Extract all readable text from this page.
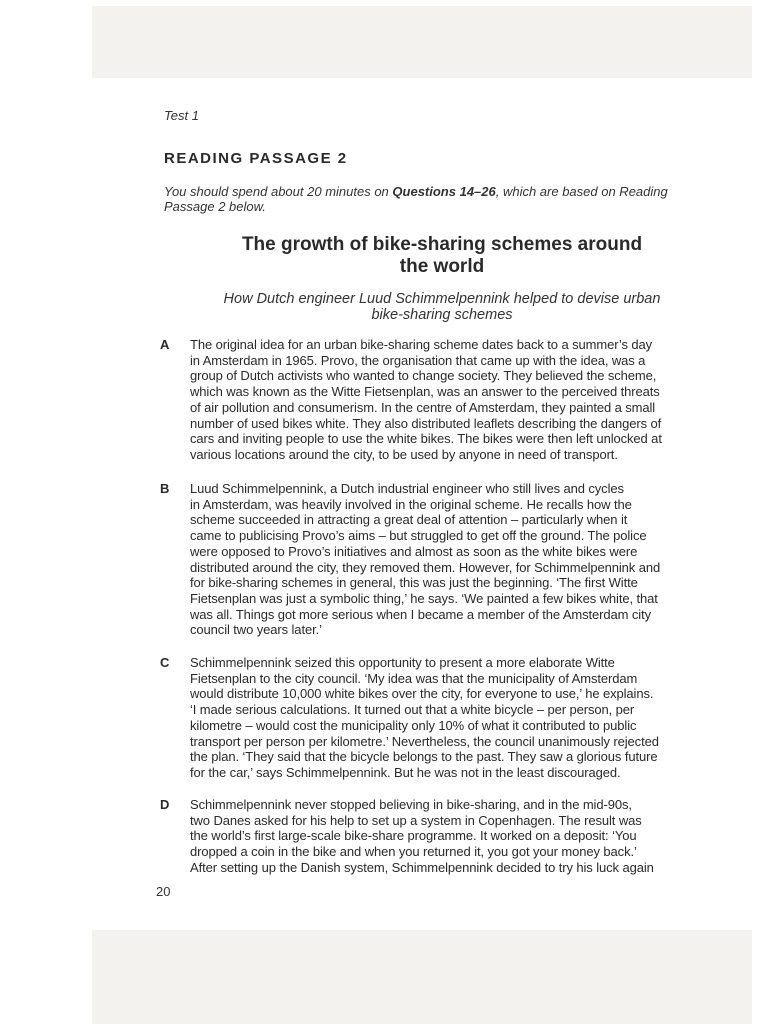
Test 1
READING PASSAGE 2
You should spend about 20 minutes on Questions 14–26, which are based on Reading
Passage 2 below.
The growth of bike-sharing schemes around
the world
How Dutch engineer Luud Schimmelpennink helped to devise urban
bike-sharing schemes
A The original idea for an urban bike-sharing scheme dates back to a summer’s day
in Amsterdam in 1965. Provo, the organisation that came up with the idea, was a
group of Dutch activists who wanted to change society. They believed the scheme,
which was known as the Witte Fietsenplan, was an answer to the perceived threats
of air pollution and consumerism. In the centre of Amsterdam, they painted a small
number of used bikes white. They also distributed leaflets describing the dangers of
cars and inviting people to use the white bikes. The bikes were then left unlocked at
various locations around the city, to be used by anyone in need of transport.
B Luud Schimmelpennink, a Dutch industrial engineer who still lives and cycles
in Amsterdam, was heavily involved in the original scheme. He recalls how the
scheme succeeded in attracting a great deal of attention – particularly when it
came to publicising Provo’s aims – but struggled to get off the ground. The police
were opposed to Provo’s initiatives and almost as soon as the white bikes were
distributed around the city, they removed them. However, for Schimmelpennink and
for bike-sharing schemes in general, this was just the beginning. ‘The first Witte
Fietsenplan was just a symbolic thing,’ he says. ‘We painted a few bikes white, that
was all. Things got more serious when I became a member of the Amsterdam city
council two years later.’
C Schimmelpennink seized this opportunity to present a more elaborate Witte
Fietsenplan to the city council. ‘My idea was that the municipality of Amsterdam
would distribute 10,000 white bikes over the city, for everyone to use,’ he explains.
‘I made serious calculations. It turned out that a white bicycle – per person, per
kilometre – would cost the municipality only 10% of what it contributed to public
transport per person per kilometre.’ Nevertheless, the council unanimously rejected
the plan. ‘They said that the bicycle belongs to the past. They saw a glorious future
for the car,’ says Schimmelpennink. But he was not in the least discouraged.
D Schimmelpennink never stopped believing in bike-sharing, and in the mid-90s,
two Danes asked for his help to set up a system in Copenhagen. The result was
the world’s first large-scale bike-share programme. It worked on a deposit: ‘You
dropped a coin in the bike and when you returned it, you got your money back.’
After setting up the Danish system, Schimmelpennink decided to try his luck again
20
